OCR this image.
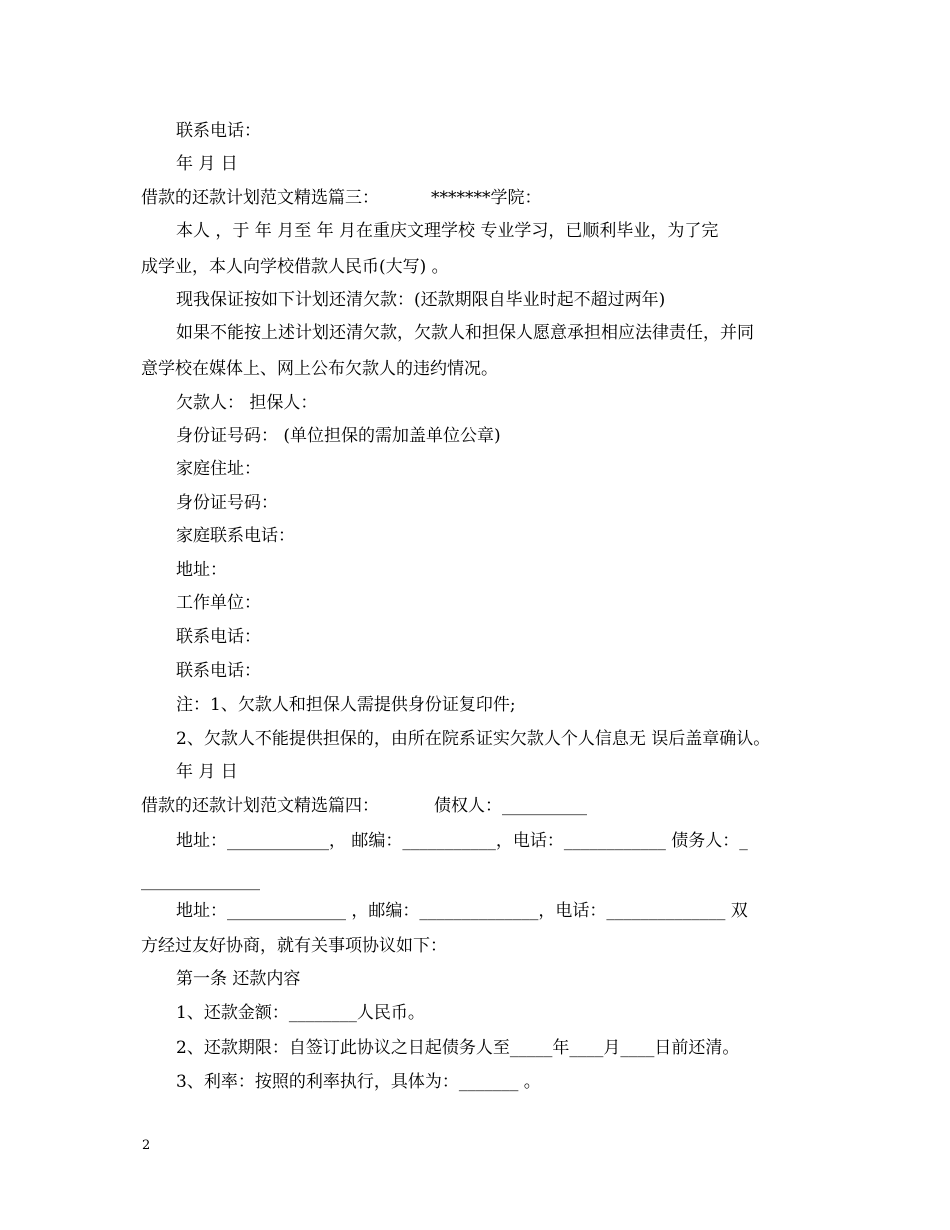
联系电话：
年 月 日
借款的还款计划范文精选篇三：	*******学院：
本人 ，于 年 月至 年 月在重庆文理学校 专业学习，已顺利毕业，为了完
成学业，本人向学校借款人民币(大写) 。
现我保证按如下计划还清欠款：(还款期限自毕业时起不超过两年)
如果不能按上述计划还清欠款，欠款人和担保人愿意承担相应法律责任，并同
意学校在媒体上、网上公布欠款人的违约情况。
欠款人： 担保人：
身份证号码： (单位担保的需加盖单位公章)
家庭住址：
身份证号码：
家庭联系电话：
地址：
工作单位：
联系电话：
联系电话：
注：1、欠款人和担保人需提供身份证复印件;
2、欠款人不能提供担保的，由所在院系证实欠款人个人信息无 误后盖章确认。
年 月 日
借款的还款计划范文精选篇四：	债权人：__________
地址：____________， 邮编：___________，电话：____________ 债务人：_
______________
地址：______________ ，邮编：______________，电话：______________ 双
方经过友好协商，就有关事项协议如下：
第一条 还款内容
1、还款金额：________人民币。
2、还款期限：自签订此协议之日起债务人至_____年____月____日前还清。
3、利率：按照的利率执行，具体为：_______ 。
2
